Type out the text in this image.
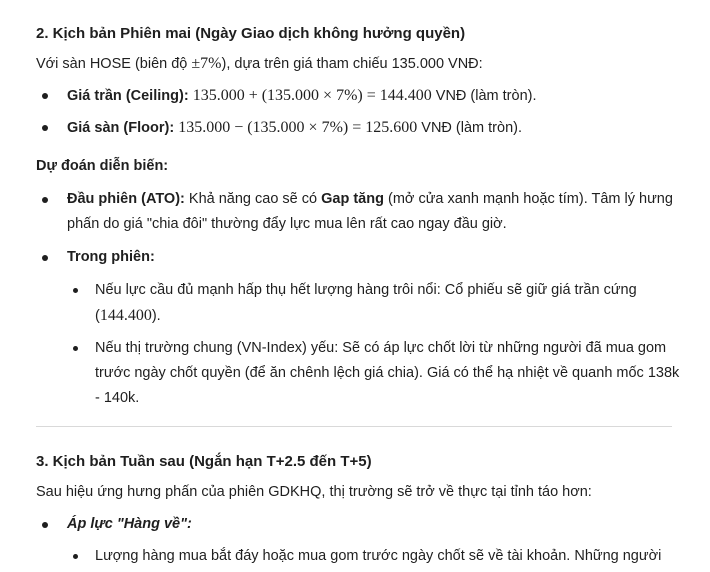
2. Kịch bản Phiên mai (Ngày Giao dịch không hưởng quyền)
Với sàn HOSE (biên độ ±7%), dựa trên giá tham chiếu 135.000 VNĐ:
Giá trần (Ceiling): 135.000 + (135.000 × 7%) = 144.400 VNĐ (làm tròn).
Giá sàn (Floor): 135.000 − (135.000 × 7%) = 125.600 VNĐ (làm tròn).
Dự đoán diễn biến:
Đầu phiên (ATO): Khả năng cao sẽ có Gap tăng (mở cửa xanh mạnh hoặc tím). Tâm lý hưng phấn do giá "chia đôi" thường đẩy lực mua lên rất cao ngay đầu giờ.
Trong phiên:
Nếu lực cầu đủ mạnh hấp thụ hết lượng hàng trôi nổi: Cổ phiếu sẽ giữ giá trần cứng (144.400).
Nếu thị trường chung (VN-Index) yếu: Sẽ có áp lực chốt lời từ những người đã mua gom trước ngày chốt quyền (để ăn chênh lệch giá chia). Giá có thể hạ nhiệt về quanh mốc 138k - 140k.
3. Kịch bản Tuần sau (Ngắn hạn T+2.5 đến T+5)
Sau hiệu ứng hưng phấn của phiên GDKHQ, thị trường sẽ trở về thực tại tỉnh táo hơn:
Áp lực "Hàng về":
Lượng hàng mua bắt đáy hoặc mua gom trước ngày chốt sẽ về tài khoản. Những người
